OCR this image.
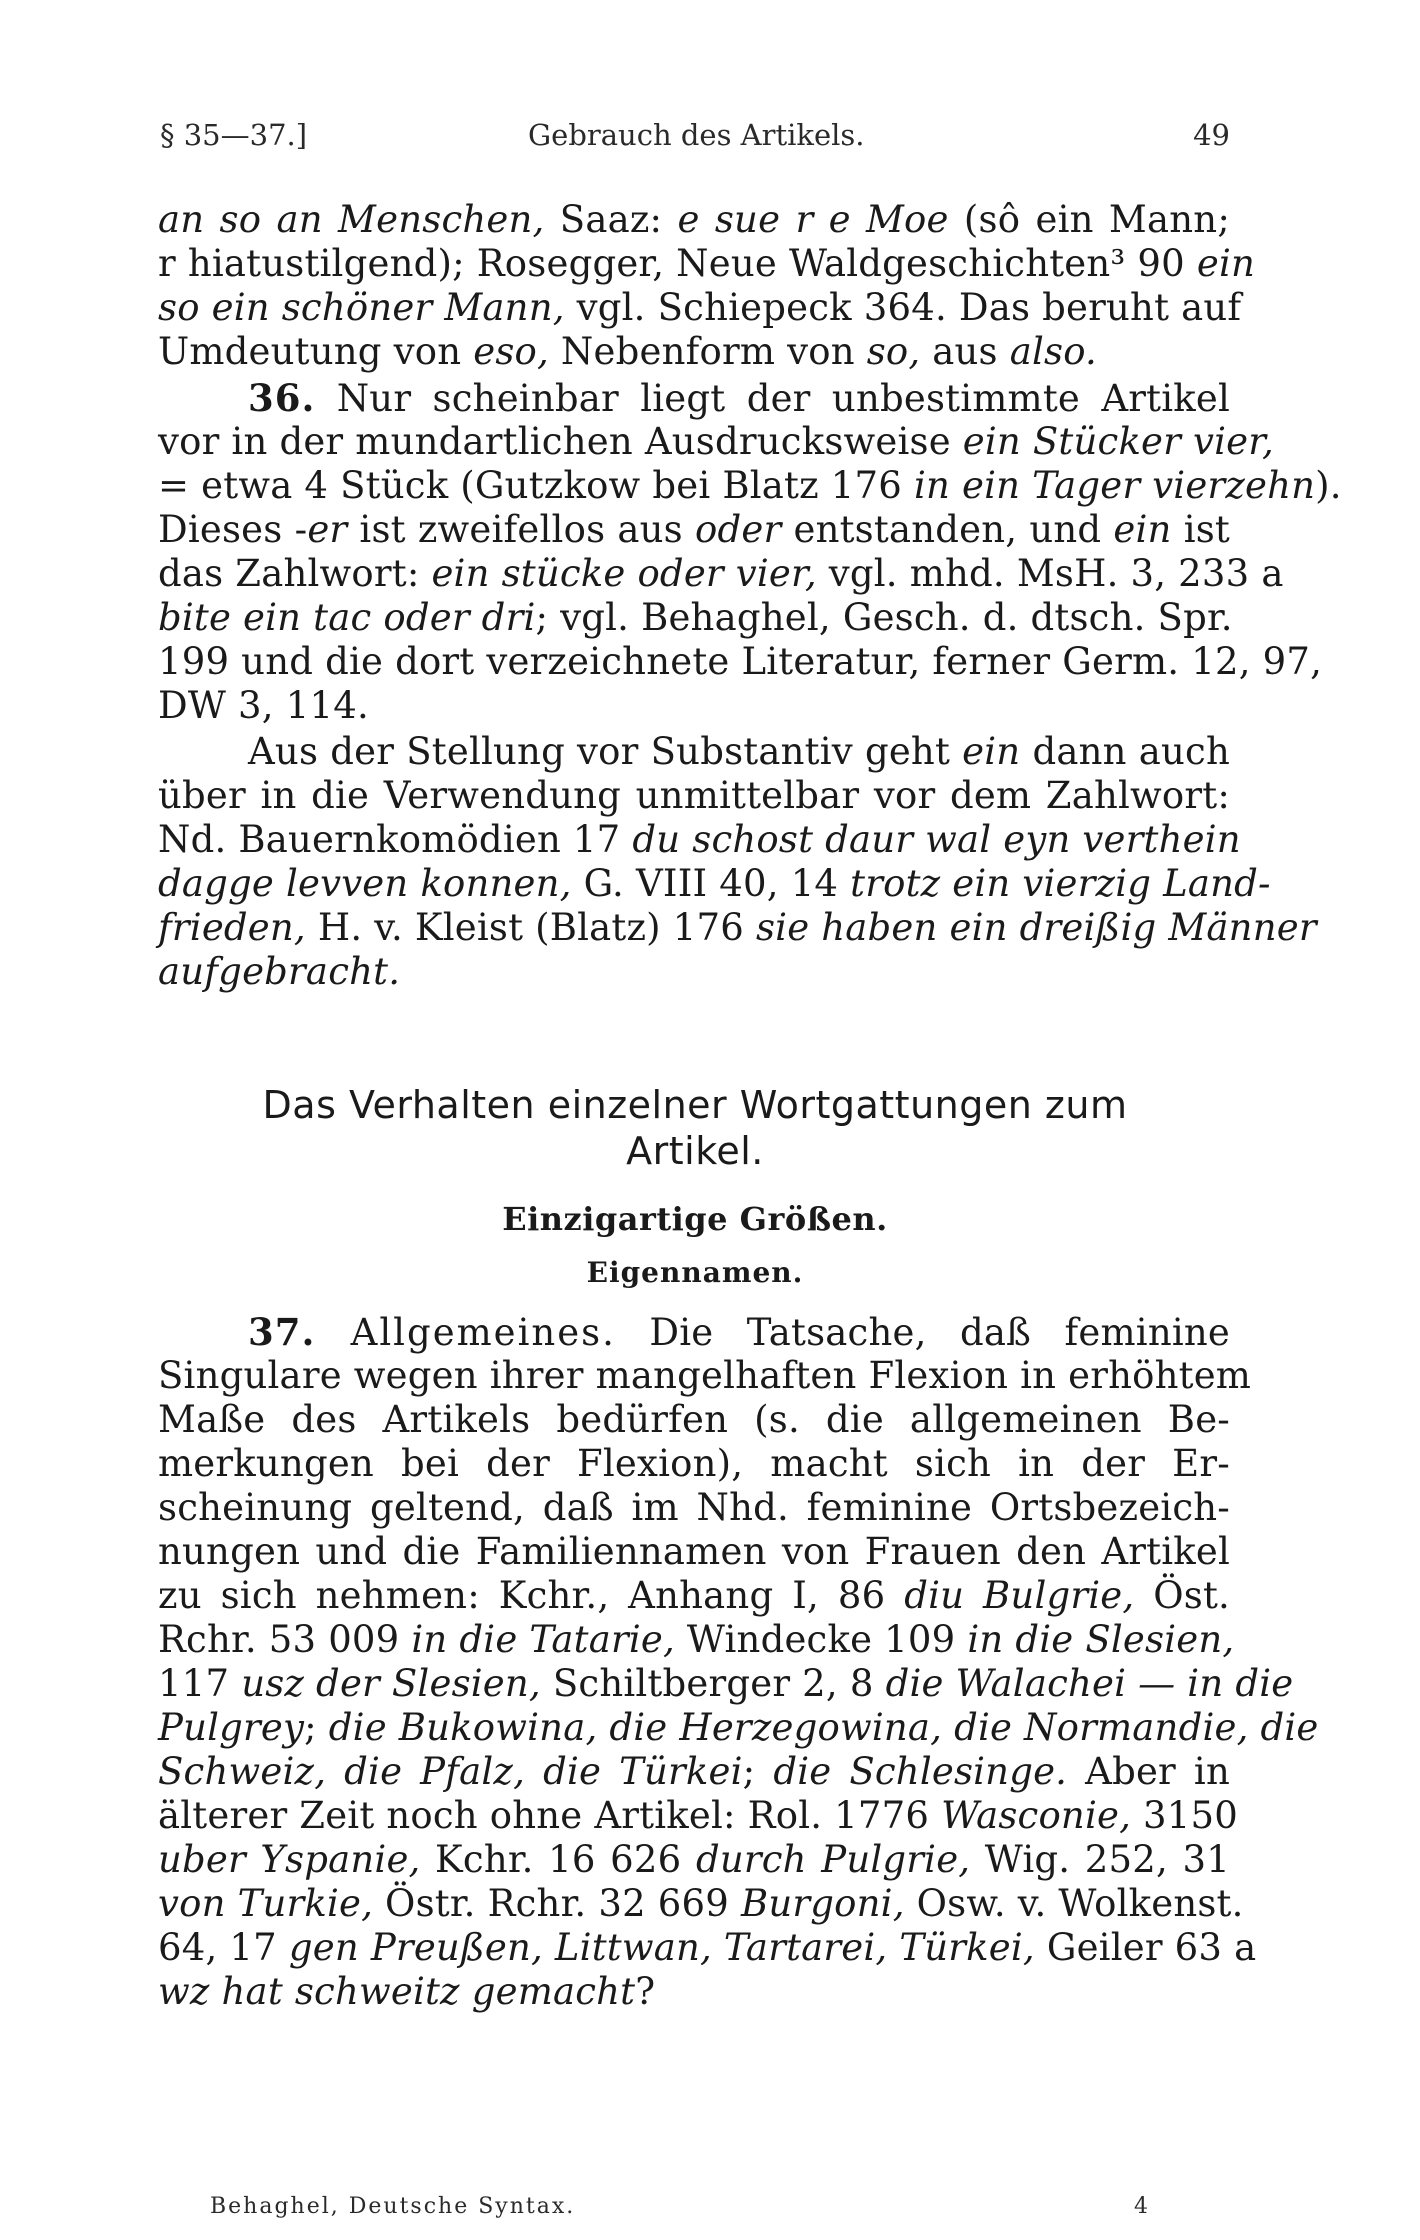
§ 35—37.]	Gebrauch des Artikels.	49
an so an Menschen, Saaz: e sue r e Moe (sô ein Mann;
r hiatustilgend); Rosegger, Neue Waldgeschichten³ 90 ein
so ein schöner Mann, vgl. Schiepeck 364. Das beruht auf
Umdeutung von eso, Nebenform von so, aus also.
36. Nur scheinbar liegt der unbestimmte Artikel
vor in der mundartlichen Ausdrucksweise ein Stücker vier,
= etwa 4 Stück (Gutzkow bei Blatz 176 in ein Tager vierzehn).
Dieses -er ist zweifellos aus oder entstanden, und ein ist
das Zahlwort: ein stücke oder vier, vgl. mhd. MsH. 3, 233 a
bite ein tac oder dri; vgl. Behaghel, Gesch. d. dtsch. Spr.
199 und die dort verzeichnete Literatur, ferner Germ. 12, 97,
DW 3, 114.
Aus der Stellung vor Substantiv geht ein dann auch
über in die Verwendung unmittelbar vor dem Zahlwort:
Nd. Bauernkomödien 17 du schost daur wal eyn verthein
dagge levven konnen, G. VIII 40, 14 trotz ein vierzig Land-
frieden, H. v. Kleist (Blatz) 176 sie haben ein dreißig Männer
aufgebracht.
Das Verhalten einzelner Wortgattungen zum
Artikel.
Einzigartige Größen.
Eigennamen.
37. Allgemeines. Die Tatsache, daß feminine
Singulare wegen ihrer mangelhaften Flexion in erhöhtem
Maße des Artikels bedürfen (s. die allgemeinen Be-
merkungen bei der Flexion), macht sich in der Er-
scheinung geltend, daß im Nhd. feminine Ortsbezeich-
nungen und die Familiennamen von Frauen den Artikel
zu sich nehmen: Kchr., Anhang I, 86 diu Bulgrie, Öst.
Rchr. 53 009 in die Tatarie, Windecke 109 in die Slesien,
117 usz der Slesien, Schiltberger 2, 8 die Walachei — in die
Pulgrey; die Bukowina, die Herzegowina, die Normandie, die
Schweiz, die Pfalz, die Türkei; die Schlesinge. Aber in
älterer Zeit noch ohne Artikel: Rol. 1776 Wasconie, 3150
uber Yspanie, Kchr. 16 626 durch Pulgrie, Wig. 252, 31
von Turkie, Östr. Rchr. 32 669 Burgoni, Osw. v. Wolkenst.
64, 17 gen Preußen, Littwan, Tartarei, Türkei, Geiler 63 a
wz hat schweitz gemacht?
Behaghel, Deutsche Syntax.	4
